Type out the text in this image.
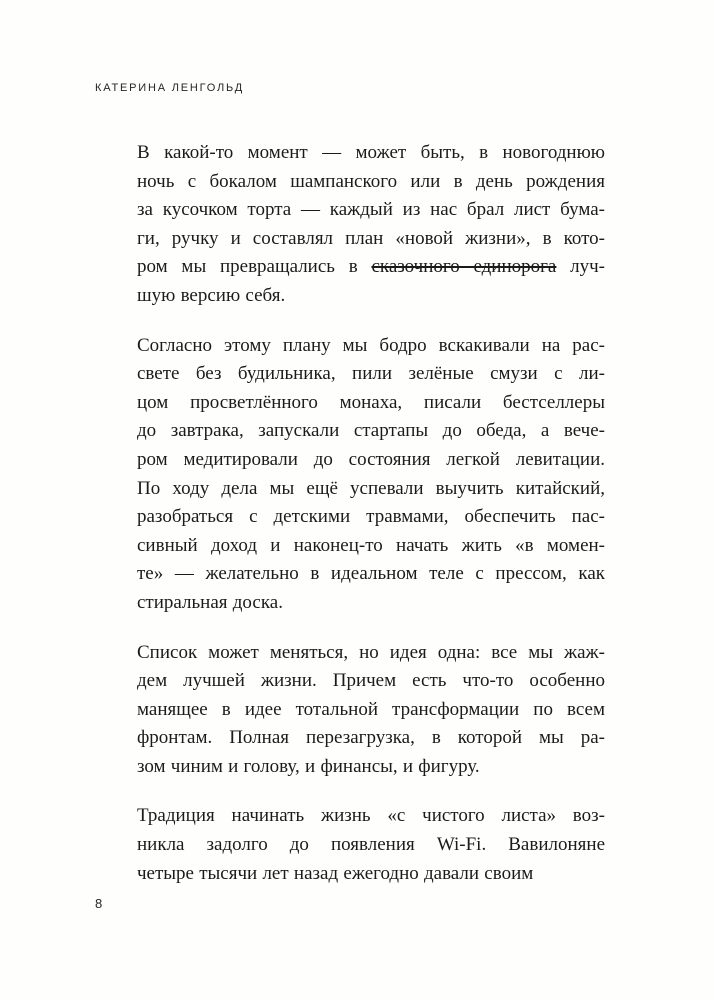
КАТЕРИНА ЛЕНГОЛЬД
В какой-то момент — может быть, в новогоднюю
ночь с бокалом шампанского или в день рождения
за кусочком торта — каждый из нас брал лист бума-
ги, ручку и составлял план «новой жизни», в кото-
ром мы превращались в сказочного единорога луч-
шую версию себя.
Согласно этому плану мы бодро вскакивали на рас-
свете без будильника, пили зелёные смузи с ли-
цом просветлённого монаха, писали бестселлеры
до завтрака, запускали стартапы до обеда, а вече-
ром медитировали до состояния легкой левитации.
По ходу дела мы ещё успевали выучить китайский,
разобраться с детскими травмами, обеспечить пас-
сивный доход и наконец-то начать жить «в момен-
те» — желательно в идеальном теле с прессом, как
стиральная доска.
Список может меняться, но идея одна: все мы жаж-
дем лучшей жизни. Причем есть что-то особенно
манящее в идее тотальной трансформации по всем
фронтам. Полная перезагрузка, в которой мы ра-
зом чиним и голову, и финансы, и фигуру.
Традиция начинать жизнь «с чистого листа» воз-
никла задолго до появления Wi-Fi. Вавилоняне
четыре тысячи лет назад ежегодно давали своим
8
